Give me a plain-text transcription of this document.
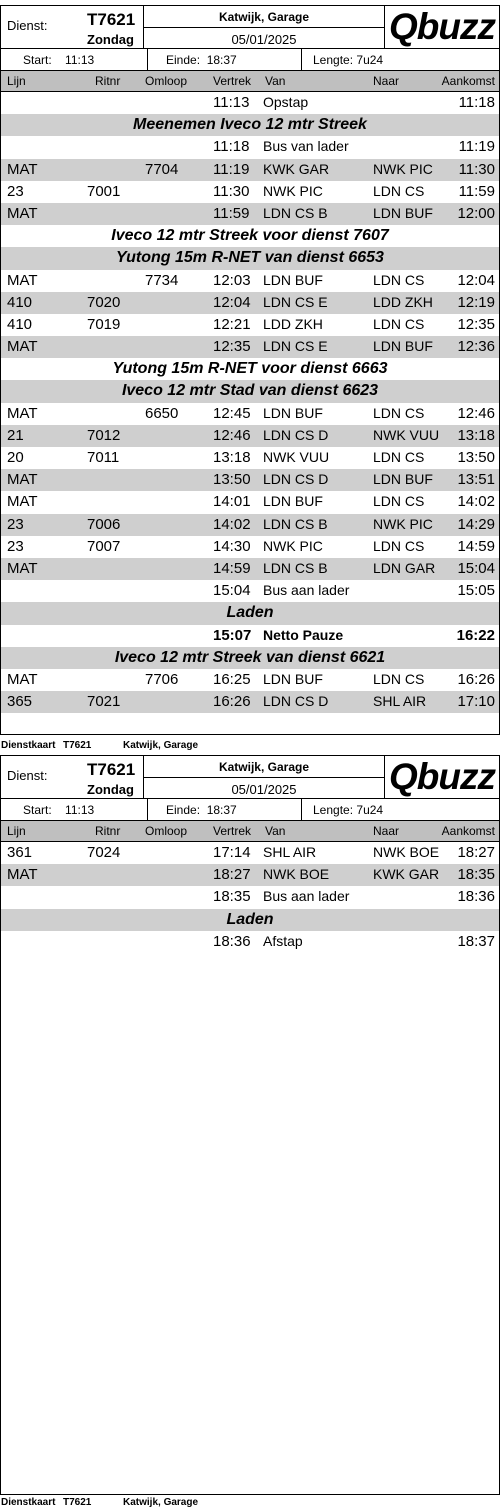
Dienst: T7621
Zondag
Katwijk, Garage
05/01/2025	Qbuzz
Start: 11:13	Einde: 18:37	Lengte: 7u24
Lijn	Ritnr Omloop Vertrek Van	Naar	Aankomst
11:13 Opstap	11:18
Meenemen Iveco 12 mtr Streek
11:18 Bus van lader	11:19
MAT	7704 11:19 KWK GAR	NWK PIC 11:30
23	7001	11:30 NWK PIC	LDN CS 11:59
MAT	11:59 LDN CS B	LDN BUF 12:00
Iveco 12 mtr Streek voor dienst 7607
Yutong 15m R-NET van dienst 6653
MAT	7734 12:03 LDN BUF	LDN CS 12:04
410	7020	12:04 LDN CS E	LDD ZKH 12:19
410	7019	12:21 LDD ZKH	LDN CS 12:35
MAT	12:35 LDN CS E	LDN BUF 12:36
Yutong 15m R-NET voor dienst 6663
Iveco 12 mtr Stad van dienst 6623
MAT	6650 12:45 LDN BUF	LDN CS 12:46
21	7012	12:46 LDN CS D	NWK VUU 13:18
20	7011	13:18 NWK VUU	LDN CS 13:50
MAT	13:50 LDN CS D	LDN BUF 13:51
MAT	14:01 LDN BUF	LDN CS 14:02
23	7006	14:02 LDN CS B	NWK PIC 14:29
23	7007	14:30 NWK PIC	LDN CS 14:59
MAT	14:59 LDN CS B	LDN GAR 15:04
15:04 Bus aan lader	15:05
Laden
15:07 Netto Pauze	16:22
Iveco 12 mtr Streek van dienst 6621
MAT	7706 16:25 LDN BUF	LDN CS 16:26
365	7021	16:26 LDN CS D	SHL AIR 17:10
Dienstkaart T7621	Katwijk, Garage
Dienst: T7621
Zondag
Katwijk, Garage
05/01/2025	Qbuzz
Start: 11:13	Einde: 18:37	Lengte: 7u24
Lijn	Ritnr Omloop Vertrek Van	Naar	Aankomst
361	7024	17:14 SHL AIR	NWK BOE 18:27
MAT	18:27 NWK BOE	KWK GAR 18:35
18:35 Bus aan lader	18:36
Laden
18:36 Afstap	18:37
Dienstkaart T7621	Katwijk, Garage
